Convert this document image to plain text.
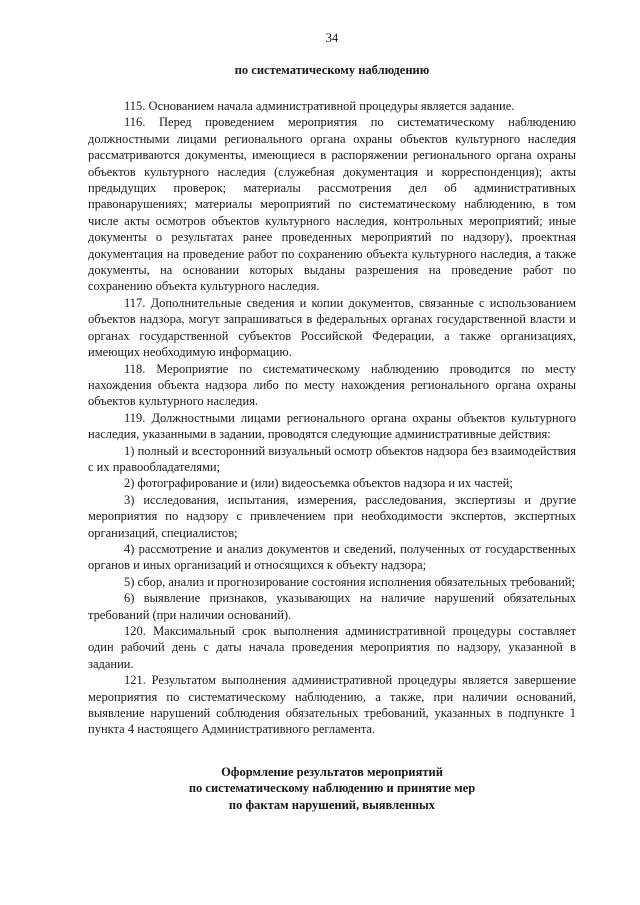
34
по систематическому наблюдению

115. Основанием начала административной процедуры является задание.

116. Перед проведением мероприятия по систематическому наблюдению должностными лицами регионального органа охраны объектов культурного наследия рассматриваются документы, имеющиеся в распоряжении регионального органа охраны объектов культурного наследия (служебная документация и корреспонденция); акты предыдущих проверок; материалы рассмотрения дел об административных правонарушениях; материалы мероприятий по систематическому наблюдению, в том числе акты осмотров объектов культурного наследия, контрольных мероприятий; иные документы о результатах ранее проведенных мероприятий по надзору), проектная документация на проведение работ по сохранению объекта культурного наследия, а также документы, на основании которых выданы разрешения на проведение работ по сохранению объекта культурного наследия.

117. Дополнительные сведения и копии документов, связанные с использованием объектов надзора, могут запрашиваться в федеральных органах государственной власти и органах государственной субъектов Российской Федерации, а также организациях, имеющих необходимую информацию.

118. Мероприятие по систематическому наблюдению проводится по месту нахождения объекта надзора либо по месту нахождения регионального органа охраны объектов культурного наследия.

119. Должностными лицами регионального органа охраны объектов культурного наследия, указанными в задании, проводятся следующие административные действия:

1) полный и всесторонний визуальный осмотр объектов надзора без взаимодействия с их правообладателями;

2) фотографирование и (или) видеосъемка объектов надзора и их частей;

3) исследования, испытания, измерения, расследования, экспертизы и другие мероприятия по надзору с привлечением при необходимости экспертов, экспертных организаций, специалистов;

4) рассмотрение и анализ документов и сведений, полученных от государственных органов и иных организаций и относящихся к объекту надзора;

5) сбор, анализ и прогнозирование состояния исполнения обязательных требований;

6) выявление признаков, указывающих на наличие нарушений обязательных требований (при наличии оснований).

120. Максимальный срок выполнения административной процедуры составляет один рабочий день с даты начала проведения мероприятия по надзору, указанной в задании.

121. Результатом выполнения административной процедуры является завершение мероприятия по систематическому наблюдению, а также, при наличии оснований, выявление нарушений соблюдения обязательных требований, указанных в подпункте 1 пункта 4 настоящего Административного регламента.

Оформление результатов мероприятий
по систематическому наблюдению и принятие мер
по фактам нарушений, выявленных
